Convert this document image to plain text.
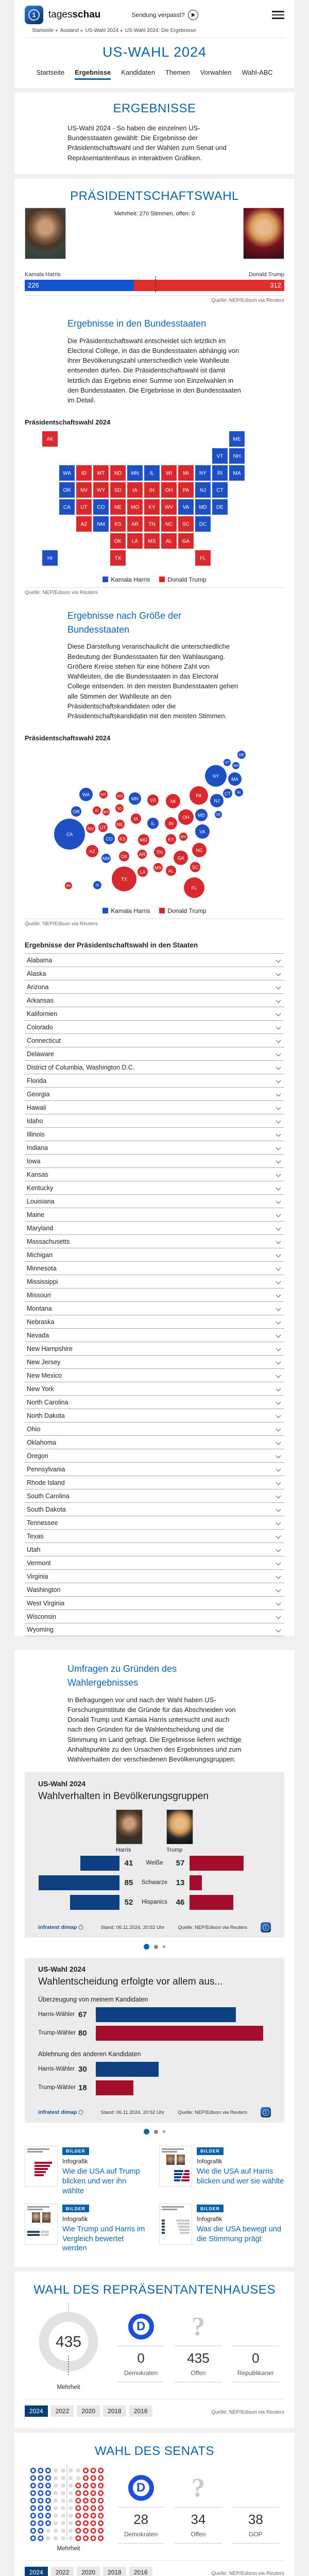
1	tagesschau	Sendung verpasst?
Startseite ▸ Ausland ▸ US-Wahl 2024 ▸ US-Wahl 2024: Die Ergebnisse
US-WAHL 2024
Startseite Ergebnisse Kandidaten Themen Vorwahlen Wahl-ABC
ERGEBNISSE

US-Wahl 2024 - So haben die einzelnen US-Bundesstaaten gewählt: Die Ergebnisse der Präsidentschaftswahl und der Wahlen zum Senat und Repräsentantenhaus in interaktiven Grafiken.

PRÄSIDENTSCHAFTSWAHL
Mehrheit: 270 Stimmen, offen: 0
Kamala Harris	Donald Trump
226	312
Quelle: NEP/Edison via Reuters
Ergebnisse in den Bundesstaaten

Die Präsidentschaftswahl entscheidet sich letztlich im Electoral College, in das die Bundesstaaten abhängig von ihrer Bevölkerungszahl unterschiedlich viele Wahlleute entsenden dürfen. Die Präsidentschaftswahl ist damit letztlich das Ergebnis einer Summe von Einzelwahlen in den Bundesstaaten. Die Ergebnisse in den Bundesstaaten im Detail.

Präsidentschaftswahl 2024
AK	ME
VT NH
WA ID MT ND MN IL WI MI NY RI MA
OR NV WY SD IA IN OH PA NJ CT
CA UT CO NE MO KY WV VA MD DE
AZ NM KS AR TN NC SC DC
OK LA MS AL GA
HI	TX	FL
Kamala Harris	Donald Trump
Quelle: NEP/Edison via Reuters
Ergebnisse nach Größe der Bundesstaaten

Diese Darstellung veranschaulicht die unterschiedliche Bedeutung der Bundesstaaten für den Wahlausgang. Größere Kreise stehen für eine höhere Zahl von Wahlleuten, die die Bundesstaaten in das Electoral College entsenden. In den meisten Bundesstaaten gehen alle Stimmen der Wahlleute an den Präsidentschaftskandidaten oder die Präsidentschaftskandidatin mit den meisten Stimmen.

Präsidentschaftswahl 2024
ME
VT
NH
NY
MA
CT RI
PA
NJ
WA	MT	ND MN	WI	MI
OR	ID WY
SD
IA	OH MD	DE
IL	IN
NE
NV UT
CA	VA
WV
KY
CO KS	MO
NC
TN
AZ
AR
GA
OK
NM
SC
MS
AL
LA
TX
AK	HI	FL
Kamala Harris	Donald Trump
Quelle: NEP/Edison via Reuters
Ergebnisse der Präsidentschaftswahl in den Staaten
Alabama
Alaska
Arizona
Arkansas
Kalifornien
Colorado
Connecticut
Delaware
District of Columbia, Washington D.C.
Florida
Georgia
Hawaii
Idaho
Illinois
Indiana
Iowa
Kansas
Kentucky
Louisiana
Maine
Maryland
Massachusetts
Michigan
Minnesota
Mississippi
Missouri
Montana
Nebraska
Nevada
New Hampshire
New Jersey
New Mexico
New York
North Carolina
North Dakota
Ohio
Oklahoma
Oregon
Pennsylvania
Rhode Island
South Carolina
South Dakota
Tennessee
Texas
Utah
Vermont
Virginia
Washington
West Virginia
Wisconsin
Wyoming
Umfragen zu Gründen des Wahlergebnisses

In Befragungen vor und nach der Wahl haben US-Forschungsinstitute die Gründe für das Abschneiden von Donald Trump und Kamala Harris untersucht und auch nach den Gründen für die Wahlentscheidung und die Stimmung im Land gefragt. Die Ergebnisse liefern wichtige Anhaltspunkte zu den Ursachen des Ergebnisses und zum Wahlverhalten der verschiedenen Bevölkerungsgruppen.

US-Wahl 2024
Wahlverhalten in Bevölkerungsgruppen
Harris	Trump
41	Weiße	57
85	Schwarze	13
52	Hispanics	46
infratest dimap	Stand: 06.11.2024, 20:52 Uhr	Quelle: NEP/Edison via Reuters	1
US-Wahl 2024
Wahlentscheidung erfolgte vor allem aus...
Überzeugung von meinem Kandidaten
Harris-Wähler 67
Trump-Wähler 80
Ablehnung des anderen Kandidaten
Harris-Wähler 30
Trump-Wähler 18
infratest dimap	Stand: 06.11.2024, 20:52 Uhr	Quelle: NEP/Edison via Reuters	1
BILDER
Infografik
Wie die USA auf Trump blicken und wer ihn wählte
BILDER
Infografik
Wie die USA auf Harris blicken und wer sie wählte
BILDER
Infografik
Wie Trump und Harris im Vergleich bewertet werden
BILDER
Infografik
Was die USA bewegt und die Stimmung prägt
WAHL DES REPRÄSENTANTENHAUSES
435
Mehrheit
D
0
Demokraten
?
435
Offen
0
Republikaner
2024	2022	2020	2018	2016	Quelle: NEP/Edison via Reuters
WAHL DES SENATS
Mehrheit
D
28
Demokraten
?
34
Offen
38
GOP
2024	2022	2020	2018	2016	Quelle: NEP/Edison via Reuters
